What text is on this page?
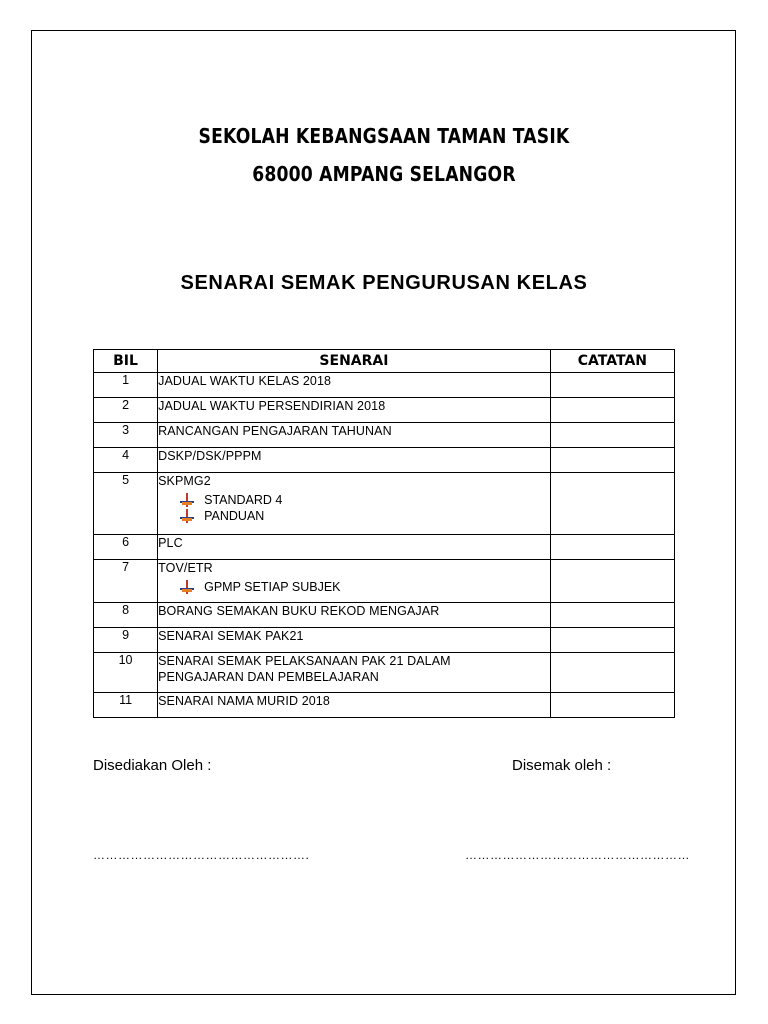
SEKOLAH KEBANGSAAN TAMAN TASIK
68000 AMPANG SELANGOR
SENARAI SEMAK PENGURUSAN KELAS
BIL	SENARAI	CATATAN
1	JADUAL WAKTU KELAS 2018	

2	JADUAL WAKTU PERSENDIRIAN 2018	

3	RANCANGAN PENGAJARAN TAHUNAN	

4	DSKP/DSK/PPPM	

5	SKPMG2
STANDARD 4
PANDUAN	

6	PLC	

7	TOV/ETR
GPMP SETIAP SUBJEK	

8	BORANG SEMAKAN BUKU REKOD MENGAJAR	

9	SENARAI SEMAK PAK21	

10	SENARAI SEMAK PELAKSANAAN PAK 21 DALAM PENGAJARAN DAN PEMBELAJARAN	

11	SENARAI NAMA MURID 2018	

Disediakan Oleh :	Disemak oleh :
…………………………………………….	………………………………………………
